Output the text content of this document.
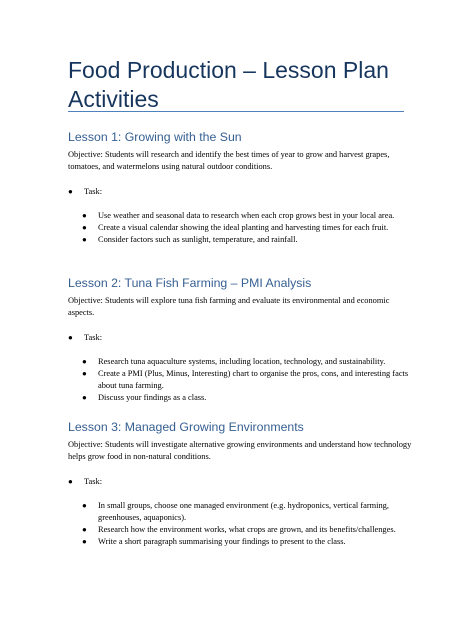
Food Production – Lesson Plan Activities
Lesson 1: Growing with the Sun

Objective: Students will research and identify the best times of year to grow and harvest grapes, tomatoes, and watermelons using natural outdoor conditions.

● Task:
● Use weather and seasonal data to research when each crop grows best in your local area.
● Create a visual calendar showing the ideal planting and harvesting times for each fruit.
● Consider factors such as sunlight, temperature, and rainfall.
Lesson 2: Tuna Fish Farming – PMI Analysis

Objective: Students will explore tuna fish farming and evaluate its environmental and economic aspects.

● Task:
● Research tuna aquaculture systems, including location, technology, and sustainability.
● Create a PMI (Plus, Minus, Interesting) chart to organise the pros, cons, and interesting facts about tuna farming.
● Discuss your findings as a class.
Lesson 3: Managed Growing Environments

Objective: Students will investigate alternative growing environments and understand how technology helps grow food in non-natural conditions.

● Task:
● In small groups, choose one managed environment (e.g. hydroponics, vertical farming, greenhouses, aquaponics).
● Research how the environment works, what crops are grown, and its benefits/challenges.
● Write a short paragraph summarising your findings to present to the class.
